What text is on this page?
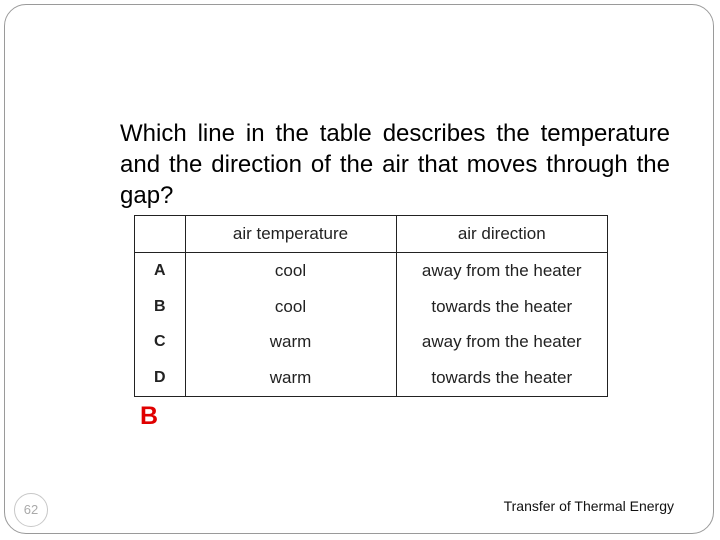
Which line in the table describes the temperature and the direction of the air that moves through the gap?
	air temperature	air direction
A	cool	away from the heater
B	cool	towards the heater
C	warm	away from the heater
D	warm	towards the heater
B
62	Transfer of Thermal Energy
